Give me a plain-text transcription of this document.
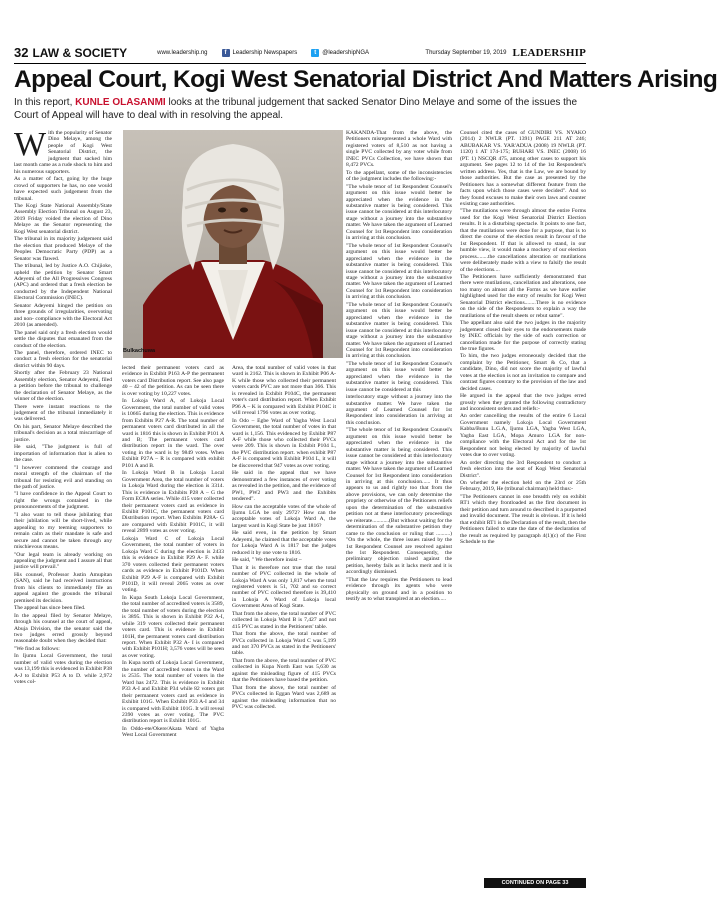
32 LAW & SOCIETY	www.leadership.ng	f	Leadership Newspapers	t	@leadershipNGA	Thursday September 19, 2019 LEADERSHIP
Appeal Court, Kogi West Senatorial District And Matters Arising
In this report, KUNLE OLASANMI looks at the tribunal judgement that sacked Senator Dino Melaye and some of the issues the Court of Appeal will have to deal with in resolving the appeal.
Bulkachuwa
W ith the popularity of Senator Dino Melaye, among the people of Kogi West Senatorial District, the judgment that sacked him last month came as a rude shock to him and his numerous supporters.

As a matter of fact, going by the huge crowd of supporters he has, no one would have expected such judgement from the tribunal.

The Kogi State National Assembly/State Assembly Election Tribunal on August 23, 2019 Friday voided the election of Dino Melaye as the Senator representing the Kogi West senatorial district.

The tribunal in its majority judgement said the election that produced Melaye of the Peoples Democratic Party (PDP) as a Senator was flawed.

The tribunal, led by Justice A.O. Chijioke, upheld the petition by Senator Smart Adeyemi of the All Progressives Congress (APC) and ordered that a fresh election be conducted by the Independent National Electoral Commission (INEC).

Senator Adeyemi hinged the petition on three grounds of irregularities, overvoting and non- compliance with the Electoral Act 2010 (as amended).

The panel said only a fresh election would settle the disputes that emanated from the conduct of the election.

The panel, therefore, ordered INEC to conduct a fresh election for the senatorial district within 90 days.

Shortly after the February 23 National Assembly election, Senator Adeyemi, filed a petition before the tribunal to challenge the declaration of Senator Melaye, as the winner of the election.

There were instant reactions to the judgement of the tribunal immediately it was delivered.

On his part, Senator Melaye described the tribunal's decision as a total miscarriage of justice.

He said, "The judgment is full of importation of information that is alien to the case.

"I however commend the courage and moral strength of the chairman of the tribunal for resisting evil and standing on the path of justice.

"I have confidence in the Appeal Court to right the wrongs contained in the pronouncements of the judgment.

"I also want to tell those jubilating that their jubilation will be short-lived, while appealing to my teeming supporters to remain calm as their mandate is safe and secure and cannot be taken through any mischievous means.

"Our legal team is already working on appealing the judgment and I assure all that justice will prevail."

His counsel, Professor Justin Amupitan (SAN), said he had received instructions from his clients to immediately file an appeal against the grounds the tribunal premised its decision.

The appeal has since been filed.

In the appeal filed by Senator Melaye, through his counsel at the court of appeal, Abuja Division, the the senator said the two judges erred grossly beyond reasonable doubt when they decided that:

"We find as follows:

In Ijumu Local Government, the total number of valid votes during the election was 13,199 this is evidenced in Exhibit P38 A-J to Exhibit P53 A to D. while 2,972 votes col-

lected their permanent voters card as evidence in Exhibit P163 A-P the permanent voters card Distribution report. See also page 40 – 42 of the petition. As can be seen there is over voting by 10,227 votes.

In Lokoja Ward A, of Lokoja Local Government, the total number of valid votes is 10665 during the election. This is evidence from Exhibits P27 A-R. The total number of permanent voters card distributed in all the ward is 1816 this is shown in Exhibit P101 A and B; The permanent voters card distribution report in the ward. The over voting in the ward is by 9849 votes. When Exhibit P27A – R is compared with exhibit P101 A and B.

In Lokoja Ward B in Lokoja Local Government Area, the total number of voters in Lokoja Ward during the election is 3314. This is evidence in Exhibits P28 A – G the Form EC8A series. While 415 voter collected their permanent voters card as evidence in Exhibit P101C, the permanent voters card Distribution report. When Exhibits P28A- G are compared with Exhibit P101C, it will reveal 2899 votes as over voting.

Lokoja Ward C of Lokoja Local Government, the total number of voters in Lokoja Ward C during the election is 2433 this is evidence in Exhibit P29 A- F. while 370 voters collected their permanent voters cards as evidence in Exhibit P101D. When Exhibit P29 A-F is compared with Exhibit P101D, it will reveal 2065 votes as over voting.

In Kupa South Lokoja Local Government, the total number of accredited voters is 3589, the total number of voters during the election is 3895. This is shown in Exhibit P32 A-I, while 319 voters collected their permanent voters card. This is evidence in Exhibit 101H, the permanent voters card distribution report. When Exhibit P32 A- I is compared with Exhibit P101H; 3,576 votes will be seen as over voting.

In Kupa north of Lokoja Local Government, the number of accredited voters in the Ward is 2535. The total number of voters in the Ward has 2472. This is evidence in Exhibit P33 A-I and Exhibit P34 while 82 voters got their permanent voters card as evidence in Exhibit 101G. When Exhibit P33 A-I and 34 is compared with Exhibit 101G. It will reveal 2390 votes as over voting. The PVC distribution report is Exhibit 101G.

In Oddo-ete/Okere/Akata Ward of Yagba West Local Government

Area, the total number of valid votes in that ward is 2162. This is shown in Exhibit P06 A-K while those who collected their permanent voters cards PVC are not more than 366. This is revealed in Exhibit P104C, the permanent voter's card distribution report. When Exhibit P96 A – K is compared with Exhibit P104C it will reveal 1796 votes as over voting.

In Odo – Egbe Ward of Yagba West Local Government, the total number of votes in that ward is 1,156. This evidenced by Exhibit P87 A-F while those who collected their PVCs were 209. This is shown in Exhibit P104 L, the PVC distribution report. when exhibit P87 A-F is compared with Exhibit P104 L, it will be discovered that 947 votes as over voting.

He said in the appeal that we have demonstrated a few instances of over voting as revealed in the petition, and the evidence of PW1, PW2 and PW3 and the Exhibits tendered".

How can the acceptable votes of the whole of Ijumu LGA be only 2972? How can the acceptable votes of Lokoja Ward A, the largest ward in Kogi State be just 1816?

He said even, in the petition by Smart Adeyemi, he claimed that the acceptable votes for Lokoja Ward A is 1817 but the judges reduced it by one vote to 1816.

He said, " We therefore insist –

That it is therefore not true that the total number of PVC collected in the whole of Lokoja Ward A was only 1,817 when the total registered voters is 51, 702 and so correct number of PVC collected therefore is 39,410 in Lokoja A Ward of Lokoja local Government Area of Kogi State.

That from the above, the total number of PVC collected in Lokoja Ward B is 7,427 and not 415 PVC as stated in the Petitioners' table.

That from the above, the total number of PVCs collected in Lokoja Ward C was 5,199 and not 370 PVCs as stated in the Petitioners' table.

That from the above, the total number of PVC collected in Kupa North East was 5,630 as against the misleading figure of 415 PVCs that the Petitioners have based the petition.

That from the above, the total number of PVCs collected in Eggan Ward was 2,689 as against the misleading information that no PVC was collected.

KAKANDA-That from the above, the Petitioners misrepresented a whole Ward with registered voters of 8,510 as not having a single PVC collected by any voter while from INEC PVCs Collection, we have shown that 8,472 PVCs.

To the appellant, some of the inconsistencies of the judgment includes the following:-

"The whole tenor of 1st Respondent Counsel's argument on this issue would better be appreciated when the evidence in the substantive matter is being considered. This issue cannot be considered at this interlocutory stage without a journey into the substantive matter. We have taken the argument of Learned Counsel for 1st Respondent into consideration in arriving at this conclusion.

"The whole tenor of 1st Respondent Counsel's argument on this issue would better be appreciated when the evidence in the substantive matter is being considered. This issue cannot be considered at this interlocutory stage without a journey into the substantive matter. We have taken the argument of Learned Counsel for 1st Respondent into consideration in arriving at this conclusion.

"The whole tenor of 1st Respondent Counsel's argument on this issue would better be appreciated when the evidence in the substantive matter is being considered. This issue cannot be considered at this interlocutory stage without a journey into the substantive matter. We have taken the argument of Learned Counsel for 1st Respondent into consideration in arriving at this conclusion.

"The whole tenor of 1st Respondent Counsel's argument on this issue would better be appreciated when the evidence in the substantive matter is being considered. This issue cannot be considered at this

interlocutory stage without a journey into the substantive matter. We have taken the argument of Learned Counsel for 1st Respondent into consideration in arriving at this conclusion.

"The whole tenor of 1st Respondent Counsel's argument on this issue would better be appreciated when the evidence in the substantive matter is being considered. This issue cannot be considered at this interlocutory stage without a journey into the substantive matter. We have taken the argument of Learned Counsel for 1st Respondent into consideration in arriving at this conclusion...... It thus appears to us and rightly too that from the above provisions, we can only determine the propriety or otherwise of the Petitioners reliefs upon the determination of the substantive petition not at these interlocutory proceedings we reiterate............(But without waiting for the determination of the substantive petition they came to the conclusion or ruling that ..........) "On the whole, the three issues raised by the 1st Respondent Counsel are resolved against the 1st Respondent. Consequently, the preliminary objection raised against the petition, hereby fails as it lacks merit and it is accordingly dismissed.

"That the law requires the Petitioners to lead evidence through its agents who were physically on ground and in a position to testify as to what transpired at an election.....

Counsel cited the cases of GUNDIRI VS. NYAKO (2014) 2 NWLR (PT. 1391) PAGE 211 AT 246; ABUBAKAR VS. YAR'ADUA (2008) 19 NWLR (PT. 1120) 1 AT 174-175; BUHARI VS. INEC (2008) 16 (PT. 1) NSCQR 475, among other cases to support his argument. See pages 12 to 14 of the 1st Respondent's written address. Yes, that is the Law, we are bound by those authorities. But the case as presented by the Petitioners has a somewhat different feature from the facts upon which those cases were decided". And so they found excuses to make their own laws and counter existing case authorities.

"The mutilations were through almost the entire Forms used for the Kogi West Senatorial District Election results. It is a disturbing spectacle. It points to one fact, that the mutilations were done for a purpose, that is to direct the course of the election result in favour of the 1st Respondent. If that is allowed to stand, in our humble view, it would make a mockery of our election process........the cancellations alteration or mutilations were deliberately made with a view to falsify the result of the elections....

The Petitioners have sufficiently demonstrated that there were mutilations, cancellation and alterations, one too many on almost all the Forms as we have earlier highlighted used for the entry of results for Kogi West Senatorial District elections........There is no evidence on the side of the Respondents to explain a way the mutilations of the result sheets or rebut same".

The appellant also said the two judges in the majority judgement closed their eyes to the endorsements made by INEC officials by the side of each correction or cancellation made for the purpose of correctly stating the true figures.

To him, the two judges erroneously decided that the complaint by the Petitioner, Smart & Co, that a candidate, Dino, did not score the majority of lawful votes at the election is not an invitation to compare and contrast figures contrary to the provision of the law and decided cases.

He argued in the appeal that the two judges erred grossly when they granted the following contradictory and inconsistent orders and reliefs:-

An order cancelling the results of the entire 6 Local Government namely Lokoja Local Government Kabba/Bunu L.G.A, Ijumu LGA, Yagba West LGA, Yagba East LGA, Mopa Amuro LGA for non-compliance with the Electoral Act and for the 1st Respondent not being elected by majority of lawful votes due to over voting.

An order directing the 3rd Respondent to conduct a fresh election into the seat of Kogi West Senatorial District".

On whether the election held on the 23rd or 25th February, 2019, He (tribunal chairman) held thus:-

"The Petitioners cannot in one breadth rely on exhibit RT1 which they frontloaded as the first document in their petition and turn around to described it a purported and invalid document. The result is obvious. If it is held that exhibit RT1 is the Declaration of the result, then the Petitioners failed to state the date of the declaration of the result as required by paragraph 4(1)(c) of the First Schedule to the

CONTINUED ON PAGE 33
